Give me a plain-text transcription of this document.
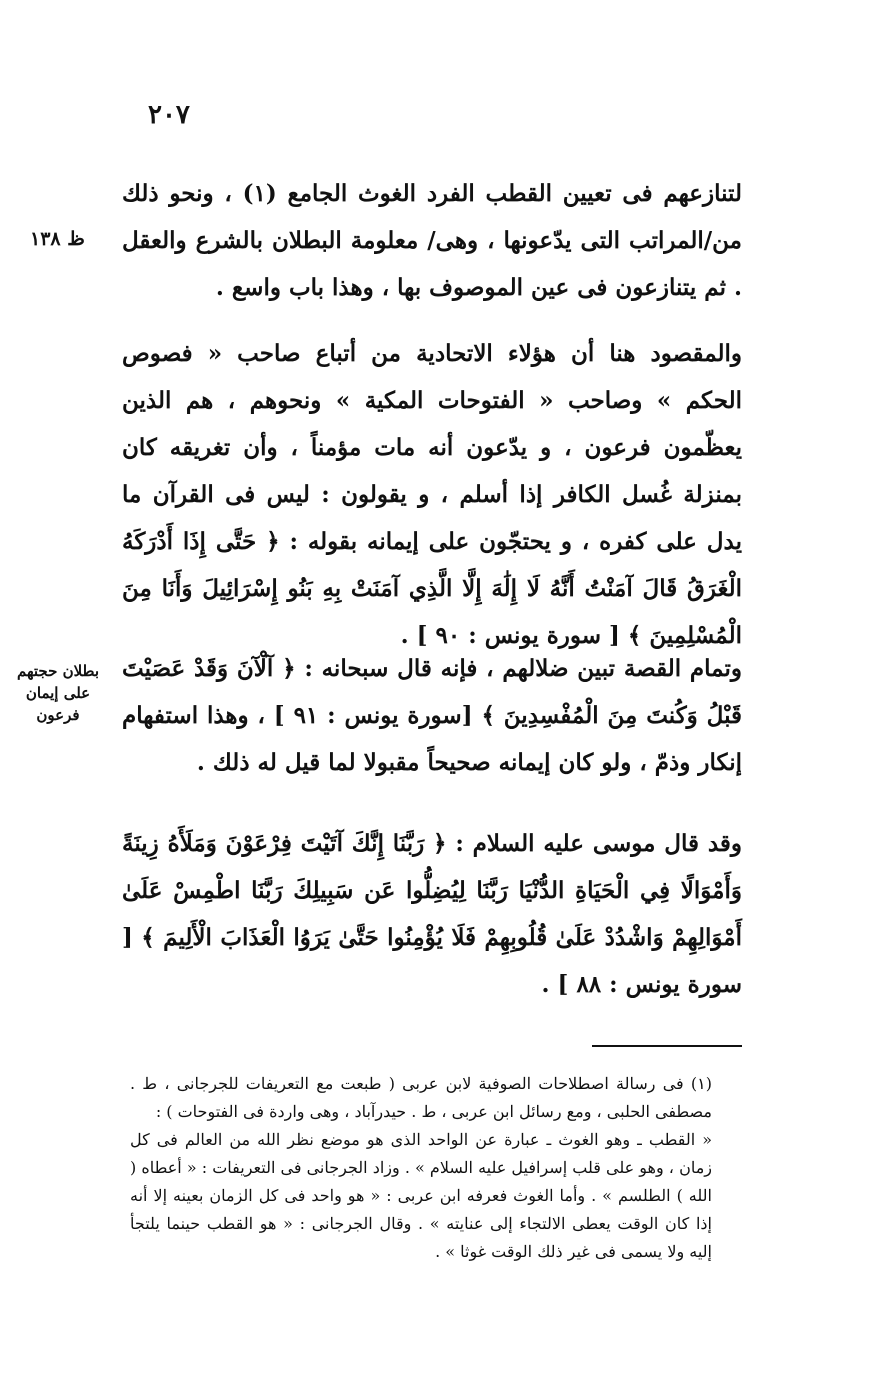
٢٠٧
ظ ١٣٨
بطلان حجتهم على إيمان فرعون
لتنازعهم فى تعيين القطب الفرد الغوث الجامع (١) ، ونحو ذلك من/المراتب التى يدّعونها ، وهى/ معلومة البطلان بالشرع والعقل . ثم يتنازعون فى عين الموصوف بها ، وهذا باب واسع .
والمقصود هنا أن هؤلاء الاتحادية من أتباع صاحب « فصوص الحكم » وصاحب « الفتوحات المكية » ونحوهم ، هم الذين يعظّمون فرعون ، و يدّعون أنه مات مؤمناً ، وأن تغريقه كان بمنزلة غُسل الكافر إذا أسلم ، و يقولون : ليس فى القرآن ما يدل على كفره ، و يحتجّون على إيمانه بقوله : ﴿ حَتَّى إِذَا أَدْرَكَهُ الْغَرَقُ قَالَ آمَنْتُ أَنَّهُ لَا إِلَٰهَ إِلَّا الَّذِي آمَنَتْ بِهِ بَنُو إِسْرَائِيلَ وَأَنَا مِنَ الْمُسْلِمِينَ ﴾ [ سورة يونس : ٩٠ ] .
وتمام القصة تبين ضلالهم ، فإنه قال سبحانه : ﴿ آلْآنَ وَقَدْ عَصَيْتَ قَبْلُ وَكُنتَ مِنَ الْمُفْسِدِينَ ﴾ [سورة يونس : ٩١ ] ، وهذا استفهام إنكار وذمّ ، ولو كان إيمانه صحيحاً مقبولا لما قيل له ذلك .
وقد قال موسى عليه السلام : ﴿ رَبَّنَا إِنَّكَ آتَيْتَ فِرْعَوْنَ وَمَلَأَهُ زِينَةً وَأَمْوَالًا فِي الْحَيَاةِ الدُّنْيَا رَبَّنَا لِيُضِلُّوا عَن سَبِيلِكَ رَبَّنَا اطْمِسْ عَلَىٰ أَمْوَالِهِمْ وَاشْدُدْ عَلَىٰ قُلُوبِهِمْ فَلَا يُؤْمِنُوا حَتَّىٰ يَرَوُا الْعَذَابَ الْأَلِيمَ ﴾ [ سورة يونس : ٨٨ ] .
(١) فى رسالة اصطلاحات الصوفية لابن عربى ( طبعت مع التعريفات للجرجانى ، ط . مصطفى الحلبى ، ومع رسائل ابن عربى ، ط . حيدرآباد ، وهى واردة فى الفتوحات ) :
« القطب ـ وهو الغوث ـ عبارة عن الواحد الذى هو موضع نظر الله من العالم فى كل زمان ، وهو على قلب إسرافيل عليه السلام » . وزاد الجرجانى فى التعريفات : « أعطاه ( الله ) الطلسم » . وأما الغوث فعرفه ابن عربى : « هو واحد فى كل الزمان بعينه إلا أنه إذا كان الوقت يعطى الالتجاء إلى عنايته » . وقال الجرجانى : « هو القطب حينما يلتجأ إليه ولا يسمى فى غير ذلك الوقت غوثا » .
